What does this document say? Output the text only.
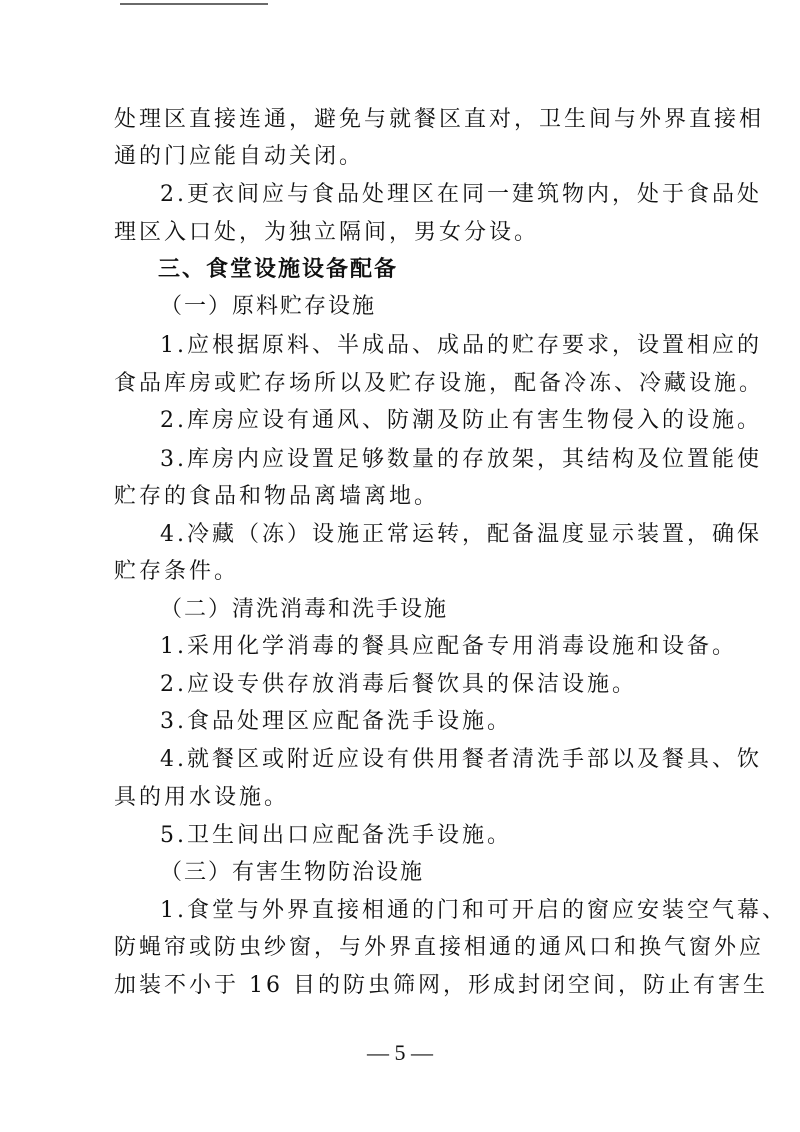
处理区直接连通，避免与就餐区直对，卫生间与外界直接相
通的门应能自动关闭。
2.更衣间应与食品处理区在同一建筑物内，处于食品处
理区入口处，为独立隔间，男女分设。
三、食堂设施设备配备
（一）原料贮存设施
1.应根据原料、半成品、成品的贮存要求，设置相应的
食品库房或贮存场所以及贮存设施，配备冷冻、冷藏设施。
2.库房应设有通风、防潮及防止有害生物侵入的设施。
3.库房内应设置足够数量的存放架，其结构及位置能使
贮存的食品和物品离墙离地。
4.冷藏（冻）设施正常运转，配备温度显示装置，确保
贮存条件。
（二）清洗消毒和洗手设施
1.采用化学消毒的餐具应配备专用消毒设施和设备。
2.应设专供存放消毒后餐饮具的保洁设施。
3.食品处理区应配备洗手设施。
4.就餐区或附近应设有供用餐者清洗手部以及餐具、饮
具的用水设施。
5.卫生间出口应配备洗手设施。
（三）有害生物防治设施
1.食堂与外界直接相通的门和可开启的窗应安装空气幕、
防蝇帘或防虫纱窗，与外界直接相通的通风口和换气窗外应
加装不小于 16 目的防虫筛网，形成封闭空间，防止有害生
— 5 —
